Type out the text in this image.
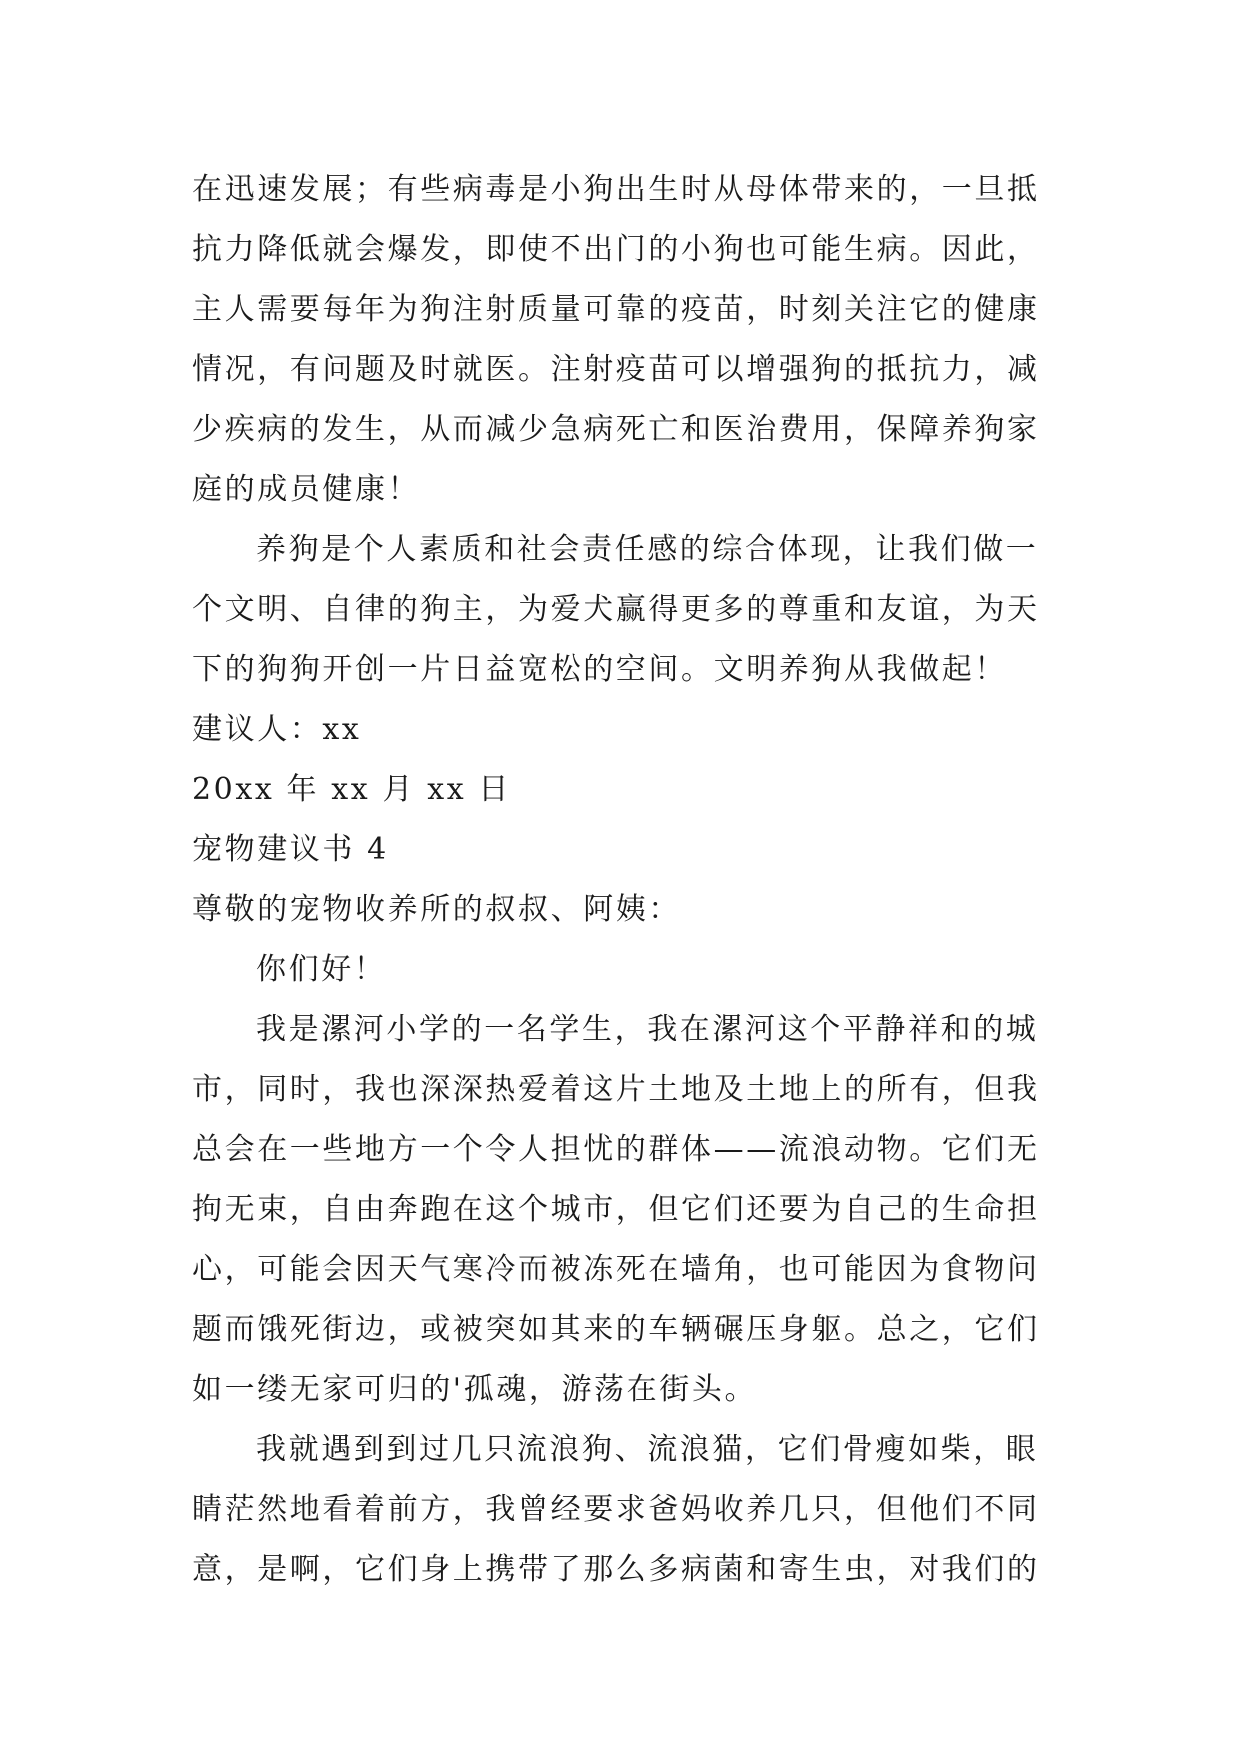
在迅速发展；有些病毒是小狗出生时从母体带来的，一旦抵
抗力降低就会爆发，即使不出门的小狗也可能生病。因此，
主人需要每年为狗注射质量可靠的疫苗，时刻关注它的健康
情况，有问题及时就医。注射疫苗可以增强狗的抵抗力，减
少疾病的发生，从而减少急病死亡和医治费用，保障养狗家
庭的成员健康！
养狗是个人素质和社会责任感的综合体现，让我们做一
个文明、自律的狗主，为爱犬赢得更多的尊重和友谊，为天
下的狗狗开创一片日益宽松的空间。文明养狗从我做起！
建议人：xx
20xx 年 xx 月 xx 日
宠物建议书 4
尊敬的宠物收养所的叔叔、阿姨：
你们好！
我是漯河小学的一名学生，我在漯河这个平静祥和的城
市，同时，我也深深热爱着这片土地及土地上的所有，但我
总会在一些地方一个令人担忧的群体——流浪动物。它们无
拘无束，自由奔跑在这个城市，但它们还要为自己的生命担
心，可能会因天气寒冷而被冻死在墙角，也可能因为食物问
题而饿死街边，或被突如其来的车辆碾压身躯。总之，它们
如一缕无家可归的'孤魂，游荡在街头。
我就遇到到过几只流浪狗、流浪猫，它们骨瘦如柴，眼
睛茫然地看着前方，我曾经要求爸妈收养几只，但他们不同
意，是啊，它们身上携带了那么多病菌和寄生虫，对我们的
